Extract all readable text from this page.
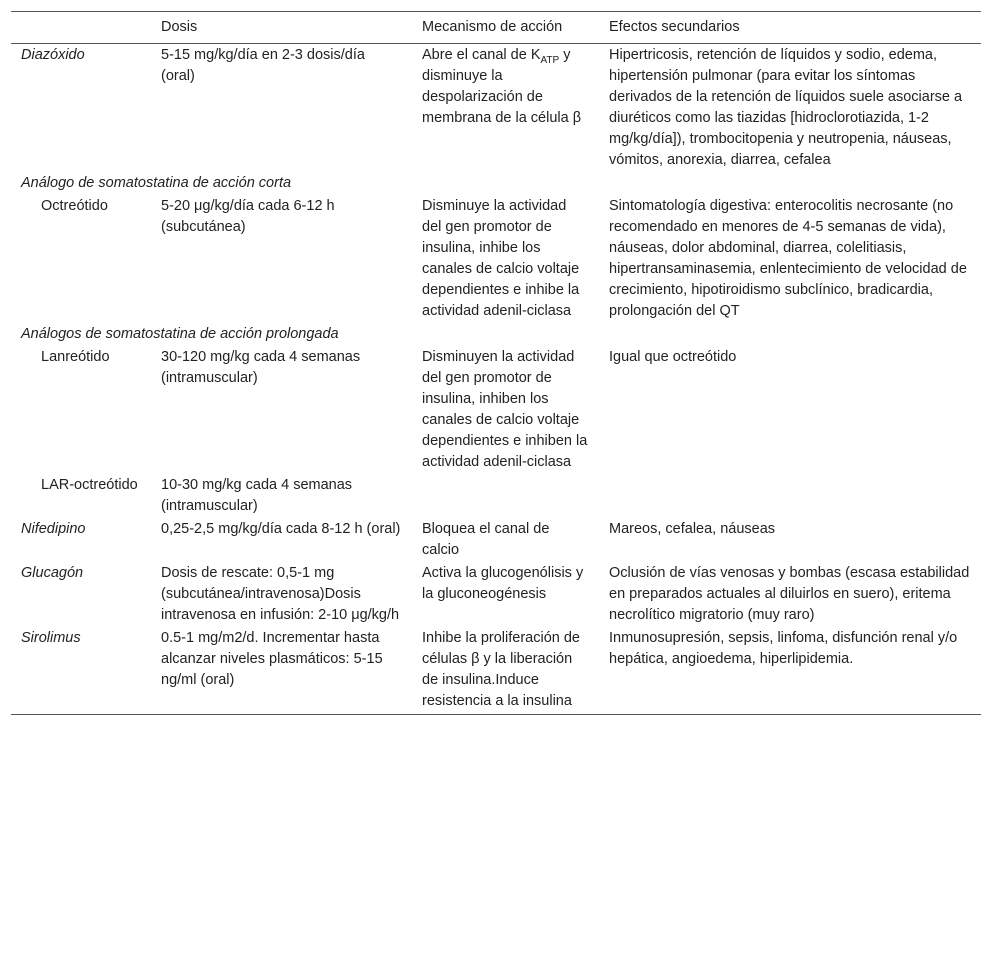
	Dosis	Mecanismo de acción	Efectos secundarios
Diazóxido	5-15 mg/kg/día en 2-3 dosis/día (oral)	Abre el canal de $K_{ATP}$ y disminuye la despolarización de membrana de la célula β	Hipertricosis, retención de líquidos y sodio, edema, hipertensión pulmonar (para evitar los síntomas derivados de la retención de líquidos suele asociarse a diuréticos como las tiazidas [hidroclorotiazida, 1-2 mg/kg/día]), trombocitopenia y neutropenia, náuseas, vómitos, anorexia, diarrea, cefalea
Análogo de somatostatina de acción corta			
Octreótido	5-20 μg/kg/día cada 6-12 h (subcutánea)	Disminuye la actividad del gen promotor de insulina, inhibe los canales de calcio voltaje dependientes e inhibe la actividad adenil-ciclasa	Sintomatología digestiva: enterocolitis necrosante (no recomendado en menores de 4-5 semanas de vida), náuseas, dolor abdominal, diarrea, colelitiasis, hipertransaminasemia, enlentecimiento de velocidad de crecimiento, hipotiroidismo subclínico, bradicardia, prolongación del QT
Análogos de somatostatina de acción prolongada			
Lanreótido	30-120 mg/kg cada 4 semanas (intramuscular)	Disminuyen la actividad del gen promotor de insulina, inhiben los canales de calcio voltaje dependientes e inhiben la actividad adenil-ciclasa	Igual que octreótido
LAR-octreótido	10-30 mg/kg cada 4 semanas (intramuscular)		
Nifedipino	0,25-2,5 mg/kg/día cada 8-12 h (oral)	Bloquea el canal de calcio	Mareos, cefalea, náuseas
Glucagón	Dosis de rescate: 0,5-1 mg (subcutánea/intravenosa)Dosis intravenosa en infusión: 2-10 μg/kg/h	Activa la glucogenólisis y la gluconeogénesis	Oclusión de vías venosas y bombas (escasa estabilidad en preparados actuales al diluirlos en suero), eritema necrolítico migratorio (muy raro)
Sirolimus	0.5-1 mg/m2/d. Incrementar hasta alcanzar niveles plasmáticos: 5-15 ng/ml (oral)	Inhibe la proliferación de células β y la liberación de insulina.Induce resistencia a la insulina	Inmunosupresión, sepsis, linfoma, disfunción renal y/o hepática, angioedema, hiperlipidemia.
